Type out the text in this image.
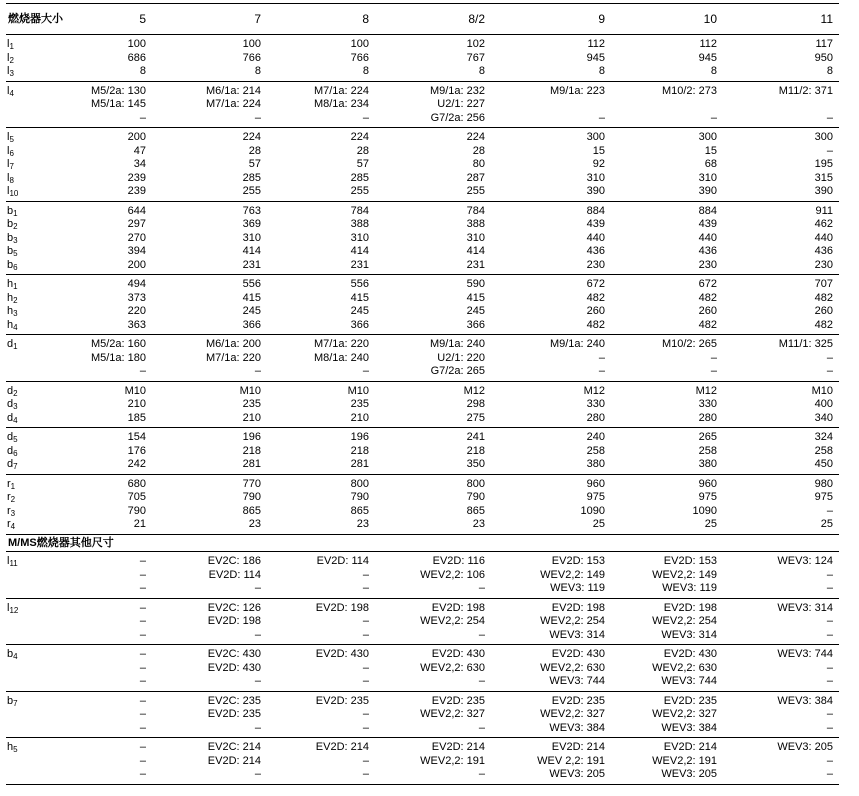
燃烧器大小	5	7	8	8/2	9	10	11
$l_1$	100	100	100	102	112	112	117
$l_2$	686	766	766	767	945	945	950
$l_3$	8	8	8	8	8	8	8
$l_4$	M5/2a: 130	M6/1a: 214	M7/1a: 224	M9/1a: 232	M9/1a: 223	M10/2: 273	M11/2: 371
	M5/1a: 145	M7/1a: 224	M8/1a: 234	U2/1: 227			
	–	–	–	G7/2a: 256	–	–	–
$l_5$	200	224	224	224	300	300	300
$l_6$	47	28	28	28	15	15	–
$l_7$	34	57	57	80	92	68	195
$l_8$	239	285	285	287	310	310	315
$l_{10}$	239	255	255	255	390	390	390
$b_1$	644	763	784	784	884	884	911
$b_2$	297	369	388	388	439	439	462
$b_3$	270	310	310	310	440	440	440
$b_5$	394	414	414	414	436	436	436
$b_6$	200	231	231	231	230	230	230
$h_1$	494	556	556	590	672	672	707
$h_2$	373	415	415	415	482	482	482
$h_3$	220	245	245	245	260	260	260
$h_4$	363	366	366	366	482	482	482
$d_1$	M5/2a: 160	M6/1a: 200	M7/1a: 220	M9/1a: 240	M9/1a: 240	M10/2: 265	M11/1: 325
	M5/1a: 180	M7/1a: 220	M8/1a: 240	U2/1: 220	–	–	–
	–	–	–	G7/2a: 265	–	–	–
$d_2$	M10	M10	M10	M12	M12	M12	M10
$d_3$	210	235	235	298	330	330	400
$d_4$	185	210	210	275	280	280	340
$d_5$	154	196	196	241	240	265	324
$d_6$	176	218	218	218	258	258	258
$d_7$	242	281	281	350	380	380	450
$r_1$	680	770	800	800	960	960	980
$r_2$	705	790	790	790	975	975	975
$r_3$	790	865	865	865	1090	1090	–
$r_4$	21	23	23	23	25	25	25
M/MS燃烧器其他尺寸							
$l_{11}$	–	EV2C: 186	EV2D: 114	EV2D: 116	EV2D: 153	EV2D: 153	WEV3: 124
	–	EV2D: 114	–	WEV2,2: 106	WEV2,2: 149	WEV2,2: 149	–
	–	–	–	–	WEV3: 119	WEV3: 119	–
$l_{12}$	–	EV2C: 126	EV2D: 198	EV2D: 198	EV2D: 198	EV2D: 198	WEV3: 314
	–	EV2D: 198	–	WEV2,2: 254	WEV2,2: 254	WEV2,2: 254	–
	–	–	–	–	WEV3: 314	WEV3: 314	–
$b_4$	–	EV2C: 430	EV2D: 430	EV2D: 430	EV2D: 430	EV2D: 430	WEV3: 744
	–	EV2D: 430	–	WEV2,2: 630	WEV2,2: 630	WEV2,2: 630	–
	–	–	–	–	WEV3: 744	WEV3: 744	–
$b_7$	–	EV2C: 235	EV2D: 235	EV2D: 235	EV2D: 235	EV2D: 235	WEV3: 384
	–	EV2D: 235	–	WEV2,2: 327	WEV2,2: 327	WEV2,2: 327	–
	–	–	–	–	WEV3: 384	WEV3: 384	–
$h_5$	–	EV2C: 214	EV2D: 214	EV2D: 214	EV2D: 214	EV2D: 214	WEV3: 205
	–	EV2D: 214	–	WEV2,2: 191	WEV 2,2: 191	WEV2,2: 191	–
	–	–	–	–	WEV3: 205	WEV3: 205	–
